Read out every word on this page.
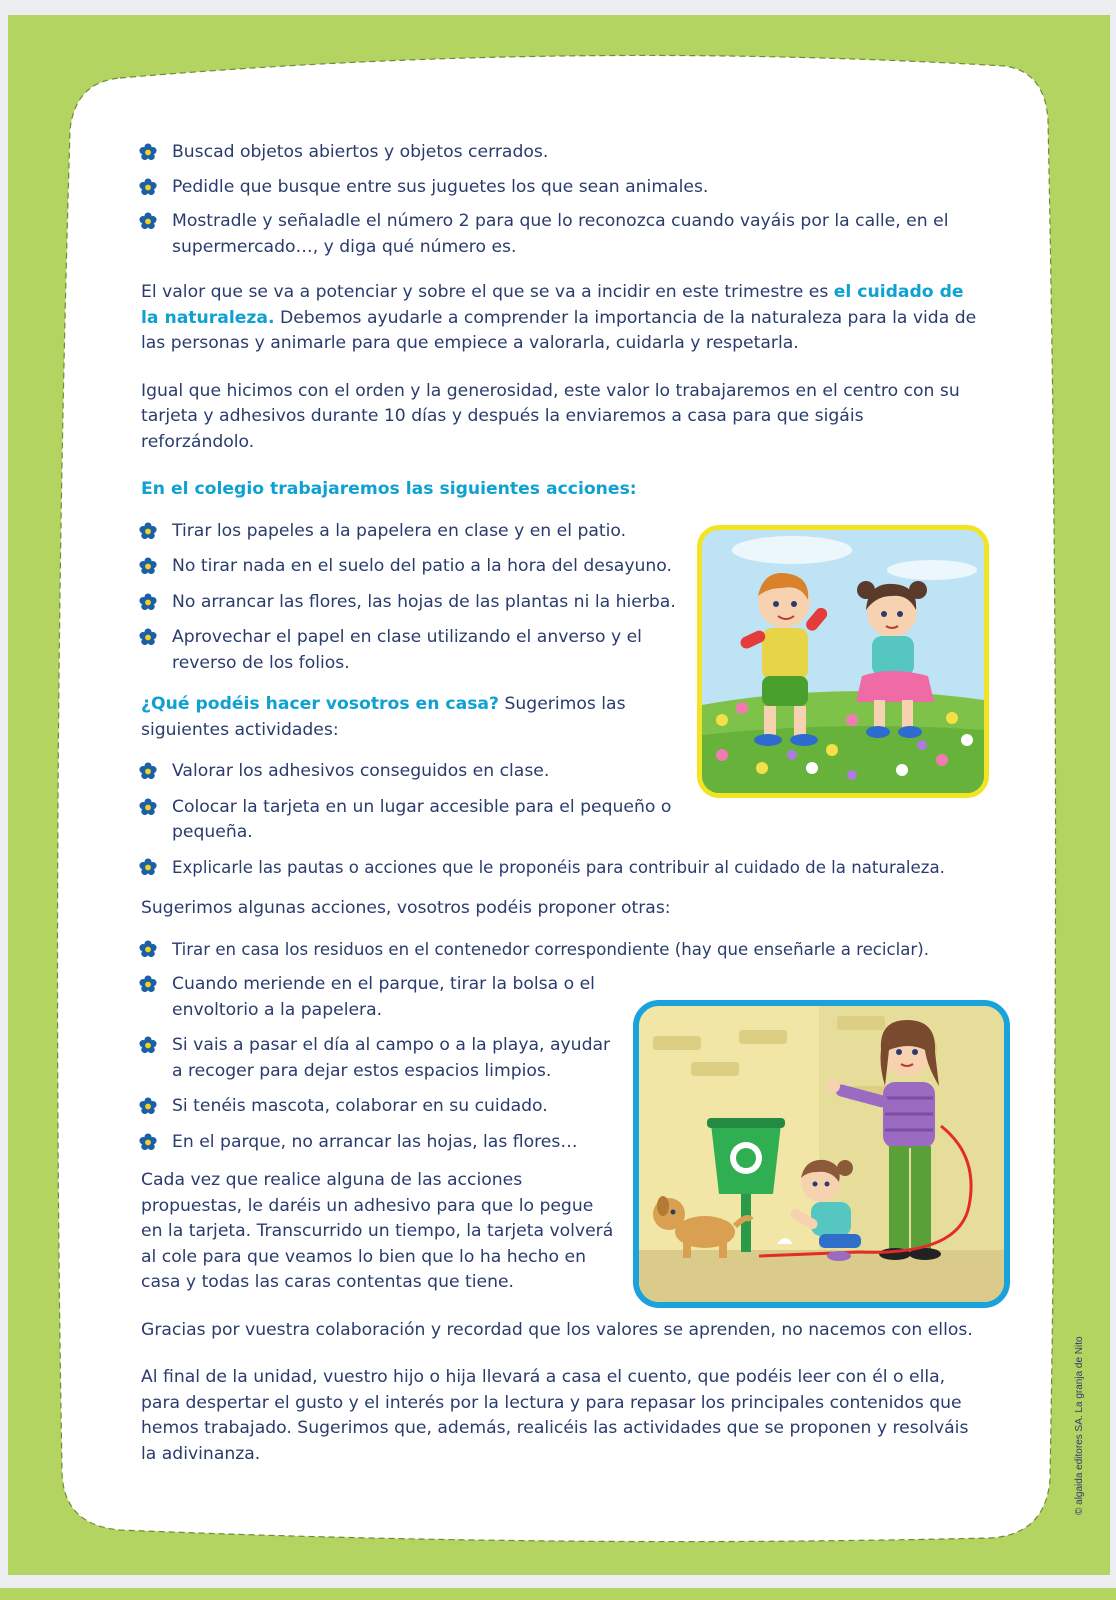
Buscad objetos abiertos y objetos cerrados.

Pedidle que busque entre sus juguetes los que sean animales.

Mostradle y señaladle el número 2 para que lo reconozca cuando vayáis por la calle, en el supermercado…, y diga qué número es.

El valor que se va a potenciar y sobre el que se va a incidir en este trimestre es el cuidado de la naturaleza. Debemos ayudarle a comprender la importancia de la naturaleza para la vida de las personas y animarle para que empiece a valorarla, cuidarla y respetarla.

Igual que hicimos con el orden y la generosidad, este valor lo trabajaremos en el centro con su tarjeta y adhesivos durante 10 días y después la enviaremos a casa para que sigáis reforzándolo.

En el colegio trabajaremos las siguientes acciones:

Tirar los papeles a la papelera en clase y en el patio.

No tirar nada en el suelo del patio a la hora del desayuno.

No arrancar las flores, las hojas de las plantas ni la hierba.

Aprovechar el papel en clase utilizando el anverso y el reverso de los folios.

¿Qué podéis hacer vosotros en casa? Sugerimos las siguientes actividades:

Valorar los adhesivos conseguidos en clase.

Colocar la tarjeta en un lugar accesible para el pequeño o pequeña.

Explicarle las pautas o acciones que le proponéis para contribuir al cuidado de la naturaleza.

Sugerimos algunas acciones, vosotros podéis proponer otras:

Tirar en casa los residuos en el contenedor correspondiente (hay que enseñarle a reciclar).

Cuando meriende en el parque, tirar la bolsa o el envoltorio a la papelera.

Si vais a pasar el día al campo o a la playa, ayudar a recoger para dejar estos espacios limpios.

Si tenéis mascota, colaborar en su cuidado.

En el parque, no arrancar las hojas, las flores…

Cada vez que realice alguna de las acciones propuestas, le daréis un adhesivo para que lo pegue en la tarjeta. Transcurrido un tiempo, la tarjeta volverá al cole para que veamos lo bien que lo ha hecho en casa y todas las caras contentas que tiene.

Gracias por vuestra colaboración y recordad que los valores se aprenden, no nacemos con ellos.

Al final de la unidad, vuestro hijo o hija llevará a casa el cuento, que podéis leer con él o ella, para despertar el gusto y el interés por la lectura y para repasar los principales contenidos que hemos trabajado. Sugerimos que, además, realicéis las actividades que se proponen y resolváis la adivinanza.	© algaida editores SA. La granja de Nito
